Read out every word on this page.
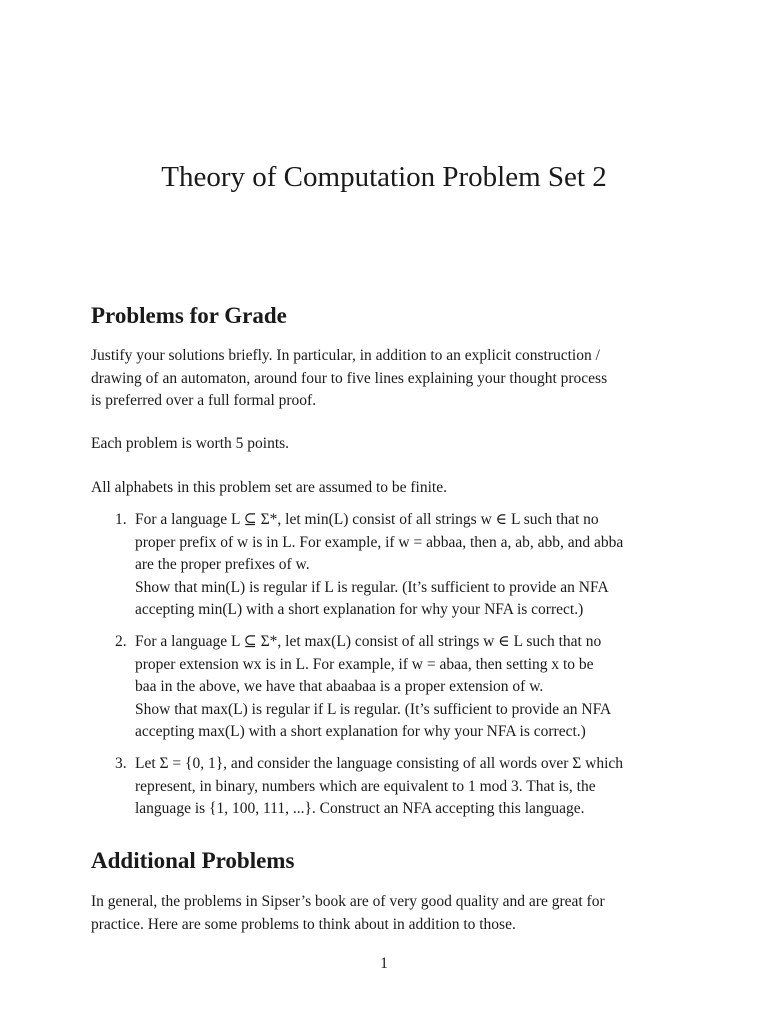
Theory of Computation Problem Set 2
Problems for Grade

Justify your solutions briefly. In particular, in addition to an explicit construction /
drawing of an automaton, around four to five lines explaining your thought process
is preferred over a full formal proof.

Each problem is worth 5 points.

All alphabets in this problem set are assumed to be finite.

1. For a language L ⊆ Σ*, let min(L) consist of all strings w ∈ L such that no
proper prefix of w is in L. For example, if w = abbaa, then a, ab, abb, and abba
are the proper prefixes of w.
Show that min(L) is regular if L is regular. (It’s sufficient to provide an NFA
accepting min(L) with a short explanation for why your NFA is correct.)
2. For a language L ⊆ Σ*, let max(L) consist of all strings w ∈ L such that no
proper extension wx is in L. For example, if w = abaa, then setting x to be
baa in the above, we have that abaabaa is a proper extension of w.
Show that max(L) is regular if L is regular. (It’s sufficient to provide an NFA
accepting max(L) with a short explanation for why your NFA is correct.)
3. Let Σ = {0, 1}, and consider the language consisting of all words over Σ which
represent, in binary, numbers which are equivalent to 1 mod 3. That is, the
language is {1, 100, 111, ...}. Construct an NFA accepting this language.
Additional Problems

In general, the problems in Sipser’s book are of very good quality and are great for
practice. Here are some problems to think about in addition to those.

1
